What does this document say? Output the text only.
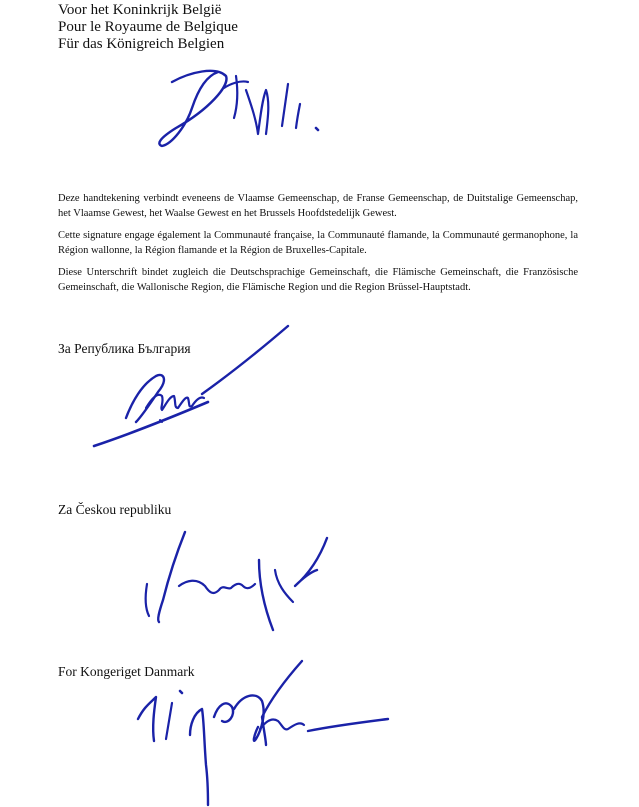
Voor het Koninkrijk België
Pour le Royaume de Belgique
Für das Königreich Belgien
Deze handtekening verbindt eveneens de Vlaamse Gemeenschap, de Franse Gemeenschap, de Duitstalige Gemeenschap, het Vlaamse Gewest, het Waalse Gewest en het Brussels Hoofdstedelijk Gewest.
Cette signature engage également la Communauté française, la Communauté flamande, la Communauté germanophone, la Région wallonne, la Région flamande et la Région de Bruxelles-Capitale.
Diese Unterschrift bindet zugleich die Deutschsprachige Gemeinschaft, die Flämische Gemeinschaft, die Französische Gemeinschaft, die Wallonische Region, die Flämische Region und die Region Brüssel-Hauptstadt.
За Република България
Za Českou republiku
For Kongeriget Danmark
